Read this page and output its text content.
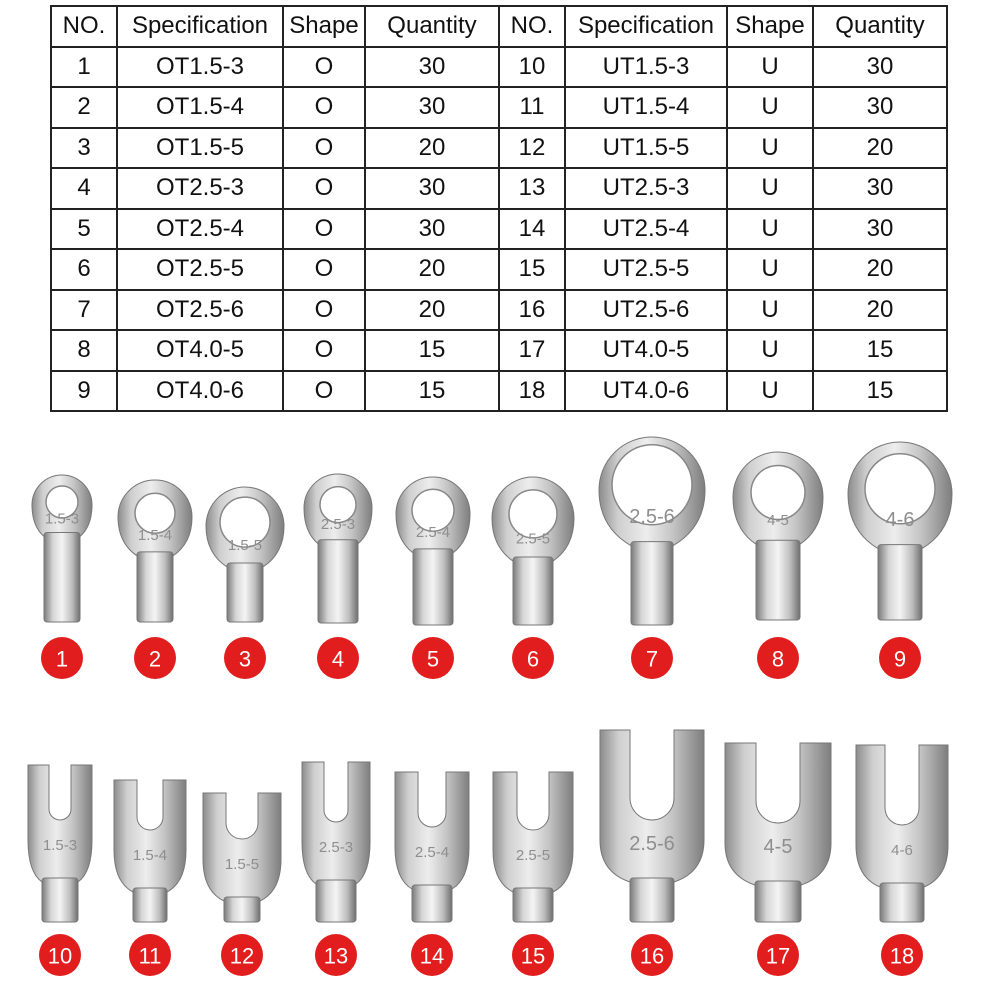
NO.	Specification	Shape	Quantity	NO.	Specification	Shape	Quantity
1	OT1.5-3	O	30	10	UT1.5-3	U	30
2	OT1.5-4	O	30	11	UT1.5-4	U	30
3	OT1.5-5	O	20	12	UT1.5-5	U	20
4	OT2.5-3	O	30	13	UT2.5-3	U	30
5	OT2.5-4	O	30	14	UT2.5-4	U	30
6	OT2.5-5	O	20	15	UT2.5-5	U	20
7	OT2.5-6	O	20	16	UT2.5-6	U	20
8	OT4.0-5	O	15	17	UT4.0-5	U	15
9	OT4.0-6	O	15	18	UT4.0-6	U	15
1.5-3
1
1.5-4
2
1.5-5
3
2.5-3
4
2.5-4
5
2.5-5
6
2.5-6
7
4-5
8
4-6
9
1.5-3
10
1.5-4
11
1.5-5
12
2.5-3
13
2.5-4
14
2.5-5
15
2.5-6
16
4-5
17
4-6
18
